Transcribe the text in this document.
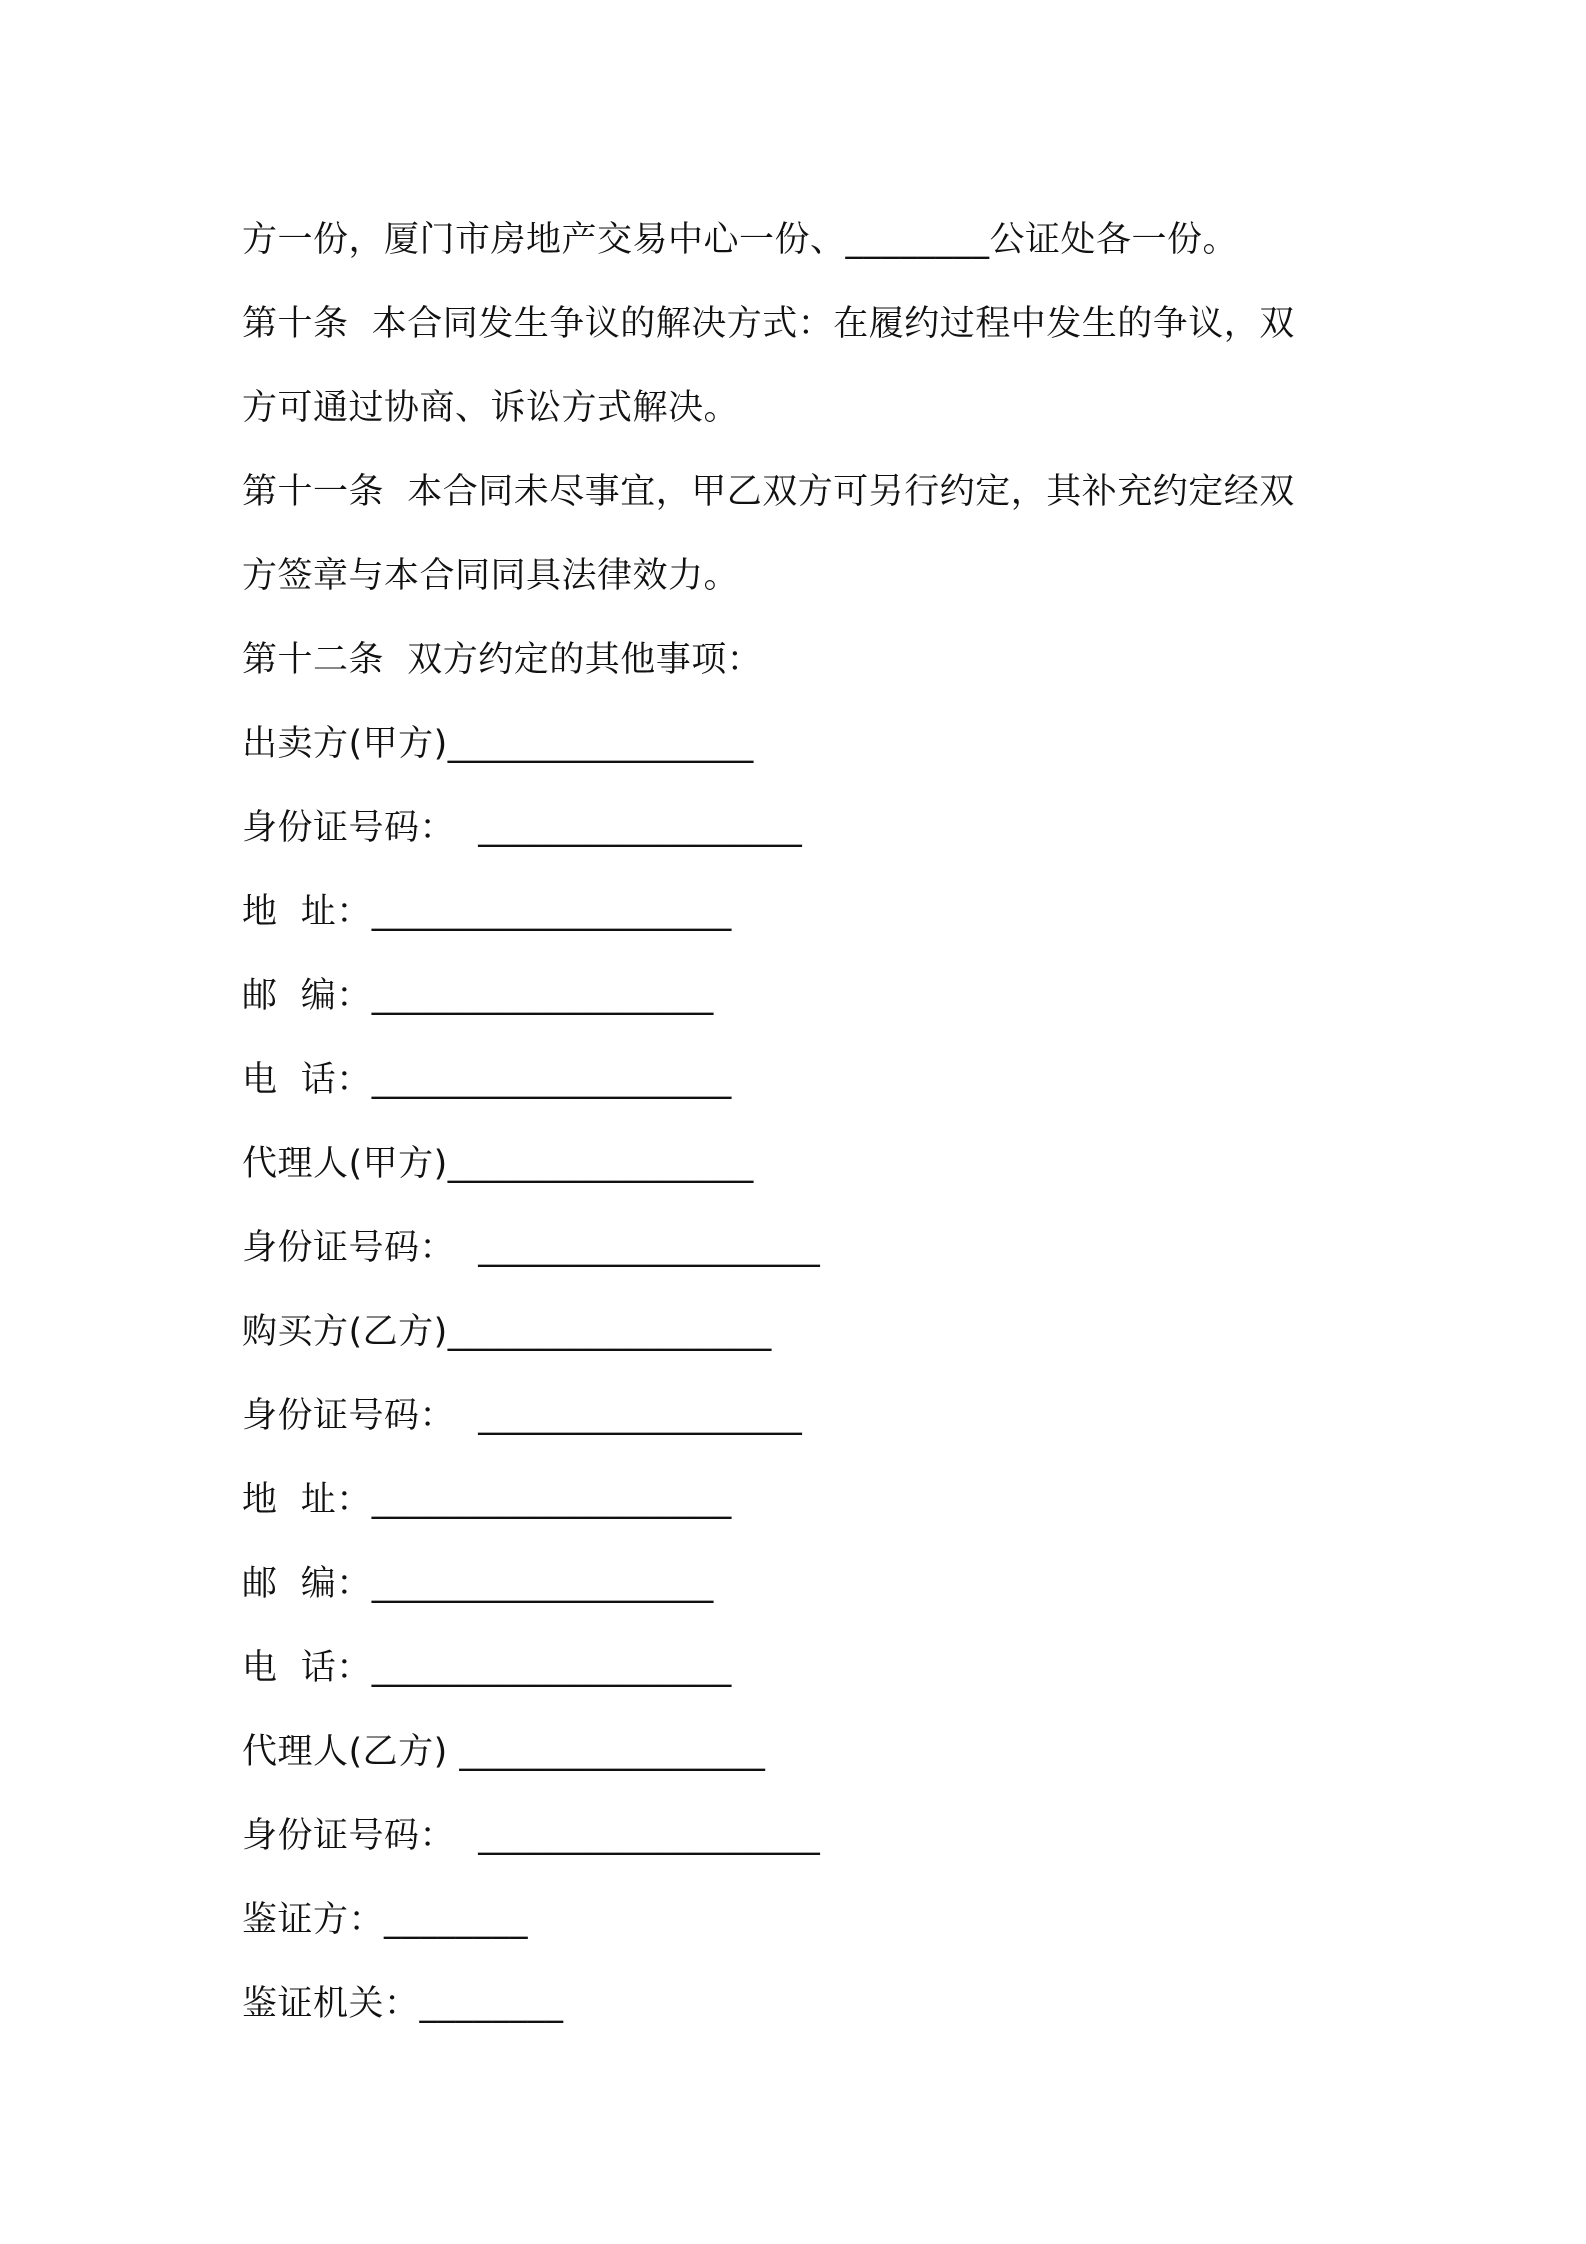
方一份，厦门市房地产交易中心一份、________公证处各一份。
第十条  本合同发生争议的解决方式：在履约过程中发生的争议，双
方可通过协商、诉讼方式解决。
第十一条  本合同未尽事宜，甲乙双方可另行约定，其补充约定经双
方签章与本合同同具法律效力。
第十二条  双方约定的其他事项：
出卖方(甲方)_________________
身份证号码：  __________________
地  址：____________________
邮  编：___________________
电  话：____________________
代理人(甲方)_________________
身份证号码：  ___________________
购买方(乙方)__________________
身份证号码：  __________________
地  址：____________________
邮  编：___________________
电  话：____________________
代理人(乙方) _________________
身份证号码：  ___________________
鉴证方：________
鉴证机关：________
